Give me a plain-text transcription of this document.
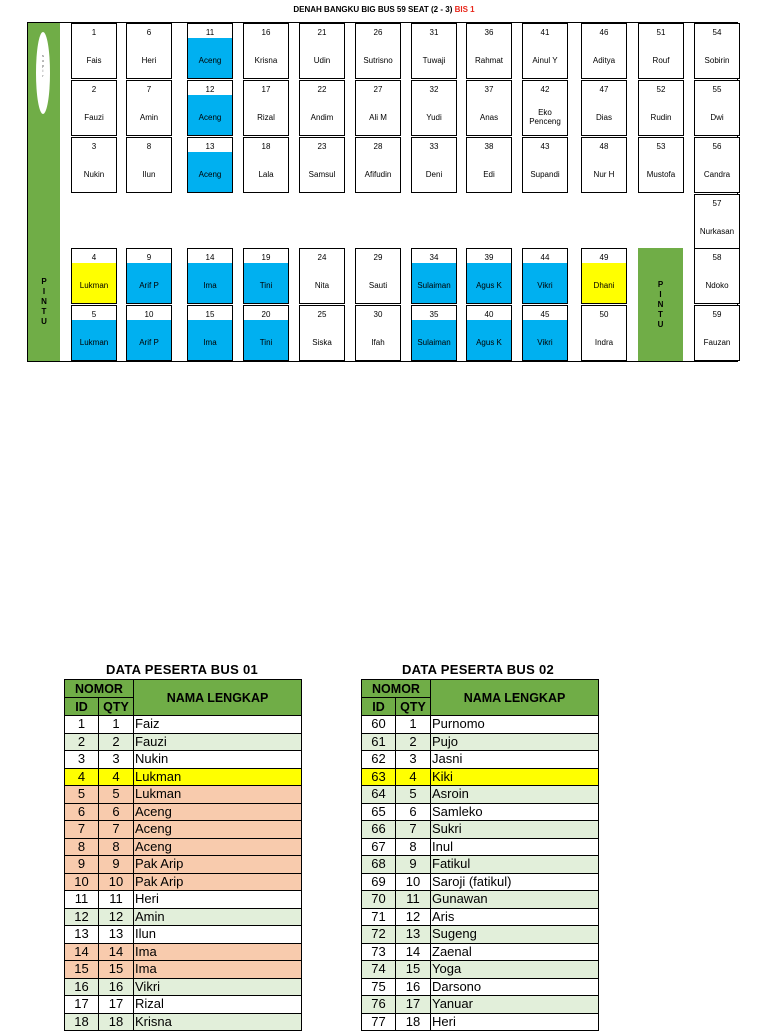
DENAH BANGKU BIG BUS 59 SEAT (2 - 3) BIS 1
s
o
p
i
r
P
I
N
T
U
P
I
N
T
U
1
Fais
2
Fauzi
3
Nukin
4
Lukman
5
Lukman
6
Heri
7
Amin
8
Ilun
9
Arif P
10
Arif P
11
Aceng
12
Aceng
13
Aceng
14
Ima
15
Ima
16
Krisna
17
Rizal
18
Lala
19
Tini
20
Tini
21
Udin
22
Andim
23
Samsul
24
Nita
25
Siska
26
Sutrisno
27
Ali M
28
Afifudin
29
Sauti
30
Ifah
31
Tuwaji
32
Yudi
33
Deni
34
Sulaiman
35
Sulaiman
36
Rahmat
37
Anas
38
Edi
39
Agus K
40
Agus K
41
Ainul Y
42
Eko Penceng
43
Supandi
44
Vikri
45
Vikri
46
Aditya
47
Dias
48
Nur H
49
Dhani
50
Indra
51
Rouf
52
Rudin
53
Mustofa
54
Sobirin
55
Dwi
56
Candra
57
Nurkasan
58
Ndoko
59
Fauzan
DATA PESERTA BUS 01
NOMOR		NAMA LENGKAP
ID	QTY	
1	1	Faiz
2	2	Fauzi
3	3	Nukin
4	4	Lukman
5	5	Lukman
6	6	Aceng
7	7	Aceng
8	8	Aceng
9	9	Pak Arip
10	10	Pak Arip
11	11	Heri
12	12	Amin
13	13	Ilun
14	14	Ima
15	15	Ima
16	16	Vikri
17	17	Rizal
18	18	Krisna
DATA PESERTA BUS 02
NOMOR		NAMA LENGKAP
ID	QTY	
60	1	Purnomo
61	2	Pujo
62	3	Jasni
63	4	Kiki
64	5	Asroin
65	6	Samleko
66	7	Sukri
67	8	Inul
68	9	Fatikul
69	10	Saroji (fatikul)
70	11	Gunawan
71	12	Aris
72	13	Sugeng
73	14	Zaenal
74	15	Yoga
75	16	Darsono
76	17	Yanuar
77	18	Heri
